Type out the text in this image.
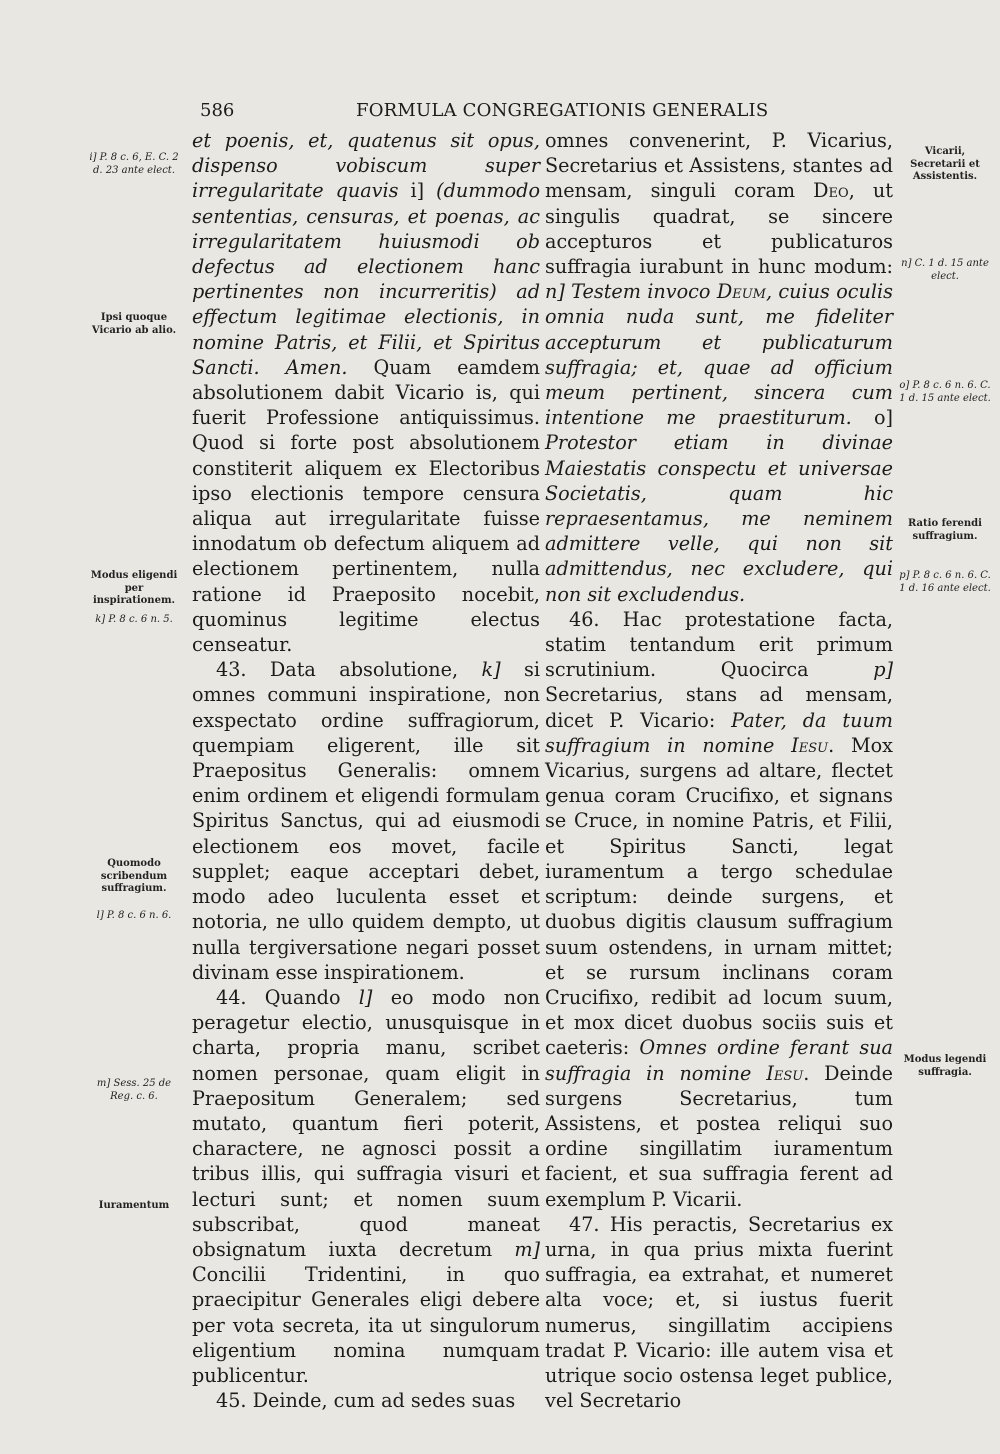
586	FORMULA CONGREGATIONIS GENERALIS
i] P. 8 c. 6, E. C. 2 d. 23 ante elect.
Ipsi quoque Vicario ab alio.
Modus eligendi per inspirationem.
k] P. 8 c. 6 n. 5.
Quomodo scribendum suffragium.
l] P. 8 c. 6 n. 6.
m] Sess. 25 de Reg. c. 6.
Iuramentum
Vicarii, Secretarii et Assistentis.
n] C. 1 d. 15 ante elect.
o] P. 8 c. 6 n. 6. C. 1 d. 15 ante elect.
Ratio ferendi suffragium.
p] P. 8 c. 6 n. 6. C. 1 d. 16 ante elect.
Modus legendi suffragia.

et poenis, et, quatenus sit opus, dispenso vobiscum super irregularitate quavis i] (dummodo sententias, censuras, et poenas, ac irregularitatem huiusmodi ob defectus ad electionem hanc pertinentes non incurreritis) ad effectum legitimae electionis, in nomine Patris, et Filii, et Spiritus Sancti. Amen. Quam eamdem absolutionem dabit Vicario is, qui fuerit Professione antiquissimus. Quod si forte post absolutionem constiterit aliquem ex Electoribus ipso electionis tempore censura aliqua aut irregularitate fuisse innodatum ob defectum aliquem ad electionem pertinentem, nulla ratione id Praeposito nocebit, quominus legitime electus censeatur.

43. Data absolutione, k] si omnes communi inspiratione, non exspectato ordine suffragiorum, quempiam eligerent, ille sit Praepositus Generalis: omnem enim ordinem et eligendi formulam Spiritus Sanctus, qui ad eiusmodi electionem eos movet, facile supplet; eaque acceptari debet, modo adeo luculenta esset et notoria, ne ullo quidem dempto, ut nulla tergiversatione negari posset divinam esse inspirationem.

44. Quando l] eo modo non peragetur electio, unusquisque in charta, propria manu, scribet nomen personae, quam eligit in Praepositum Generalem; sed mutato, quantum fieri poterit, charactere, ne agnosci possit a tribus illis, qui suffragia visuri et lecturi sunt; et nomen suum subscribat, quod maneat obsignatum iuxta decretum m] Concilii Tridentini, in quo praecipitur Generales eligi debere per vota secreta, ita ut singulorum eligentium nomina numquam publicentur.

45. Deinde, cum ad sedes suas

omnes convenerint, P. Vicarius, Secretarius et Assistens, stantes ad mensam, singuli coram Deo, ut singulis quadrat, se sincere accepturos et publicaturos suffragia iurabunt in hunc modum: n] Testem invoco Deum, cuius oculis omnia nuda sunt, me fideliter accepturum et publicaturum suffragia; et, quae ad officium meum pertinent, sincera cum intentione me praestiturum. o] Protestor etiam in divinae Maiestatis conspectu et universae Societatis, quam hic repraesentamus, me neminem admittere velle, qui non sit admittendus, nec excludere, qui non sit excludendus.

46. Hac protestatione facta, statim tentandum erit primum scrutinium. Quocirca p] Secretarius, stans ad mensam, dicet P. Vicario: Pater, da tuum suffragium in nomine Iesu. Mox Vicarius, surgens ad altare, flectet genua coram Crucifixo, et signans se Cruce, in nomine Patris, et Filii, et Spiritus Sancti, legat iuramentum a tergo schedulae scriptum: deinde surgens, et duobus digitis clausum suffragium suum ostendens, in urnam mittet; et se rursum inclinans coram Crucifixo, redibit ad locum suum, et mox dicet duobus sociis suis et caeteris: Omnes ordine ferant sua suffragia in nomine Iesu. Deinde surgens Secretarius, tum Assistens, et postea reliqui suo ordine singillatim iuramentum facient, et sua suffragia ferent ad exemplum P. Vicarii.

47. His peractis, Secretarius ex urna, in qua prius mixta fuerint suffragia, ea extrahat, et numeret alta voce; et, si iustus fuerit numerus, singillatim accipiens tradat P. Vicario: ille autem visa et utrique socio ostensa leget publice, vel Secretario
